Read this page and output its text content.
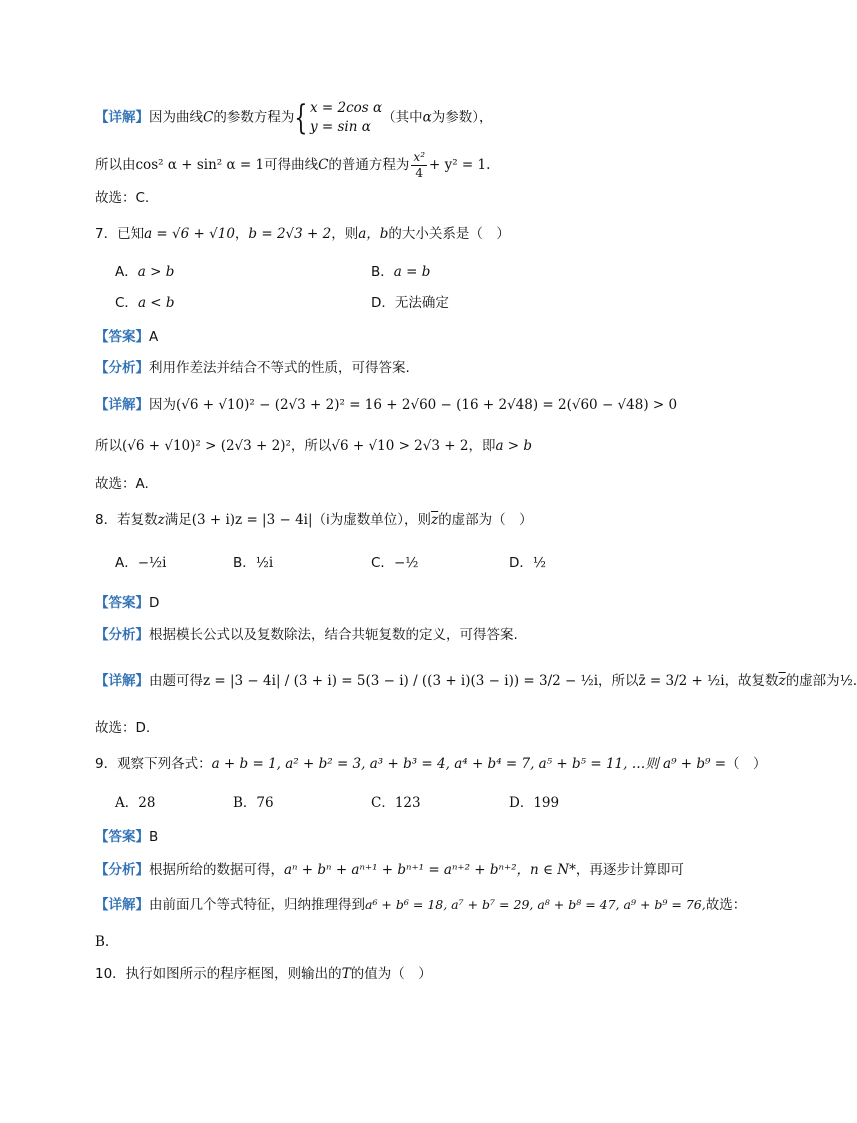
【详解】因为曲线C的参数方程为{ x = 2cos α
y = sin α
（其中α为参数），
所以由cos² α + sin² α = 1可得曲线C的普通方程为 $\frac{\text{x²}}{4} + y^2 = 1$.
故选：C.
7．已知a = √6 + √10，b = 2√3 + 2，则a，b的大小关系是（　）
A．a > b	B．a = b
C．a < b	D．无法确定
【答案】A
【分析】利用作差法并结合不等式的性质，可得答案.
【详解】因为(√6 + √10)² − (2√3 + 2)² = 16 + 2√60 − (16 + 2√48) = 2(√60 − √48) > 0
所以(√6 + √10)² > (2√3 + 2)²，所以√6 + √10 > 2√3 + 2，即a > b
故选：A.
8．若复数z满足(3 + i)z = |3 − 4i|（i为虚数单位），则$\overline{z}$的虚部为（　）
A．−½i	B．½i	C．−½	D．½
【答案】D
【分析】根据模长公式以及复数除法，结合共轭复数的定义，可得答案.
【详解】由题可得z = |3 − 4i| / (3 + i) = 5(3 − i) / ((3 + i)(3 − i)) = 3/2 − ½i，所以z̄ = 3/2 + ½i，故复数$\overline{z}$的虚部为½.
故选：D.
9．观察下列各式：a + b = 1, a² + b² = 3, a³ + b³ = 4, a⁴ + b⁴ = 7, a⁵ + b⁵ = 11, …则 a⁹ + b⁹ =（　）
A．28	B．76	C．123	D．199
【答案】B
【分析】根据所给的数据可得，aⁿ + bⁿ + aⁿ⁺¹ + bⁿ⁺¹ = aⁿ⁺² + bⁿ⁺²，n ∈ N*，再逐步计算即可
【详解】由前面几个等式特征，归纳推理得到a⁶ + b⁶ = 18, a⁷ + b⁷ = 29, a⁸ + b⁸ = 47, a⁹ + b⁹ = 76,故选：
B.
10．执行如图所示的程序框图，则输出的T的值为（　）
